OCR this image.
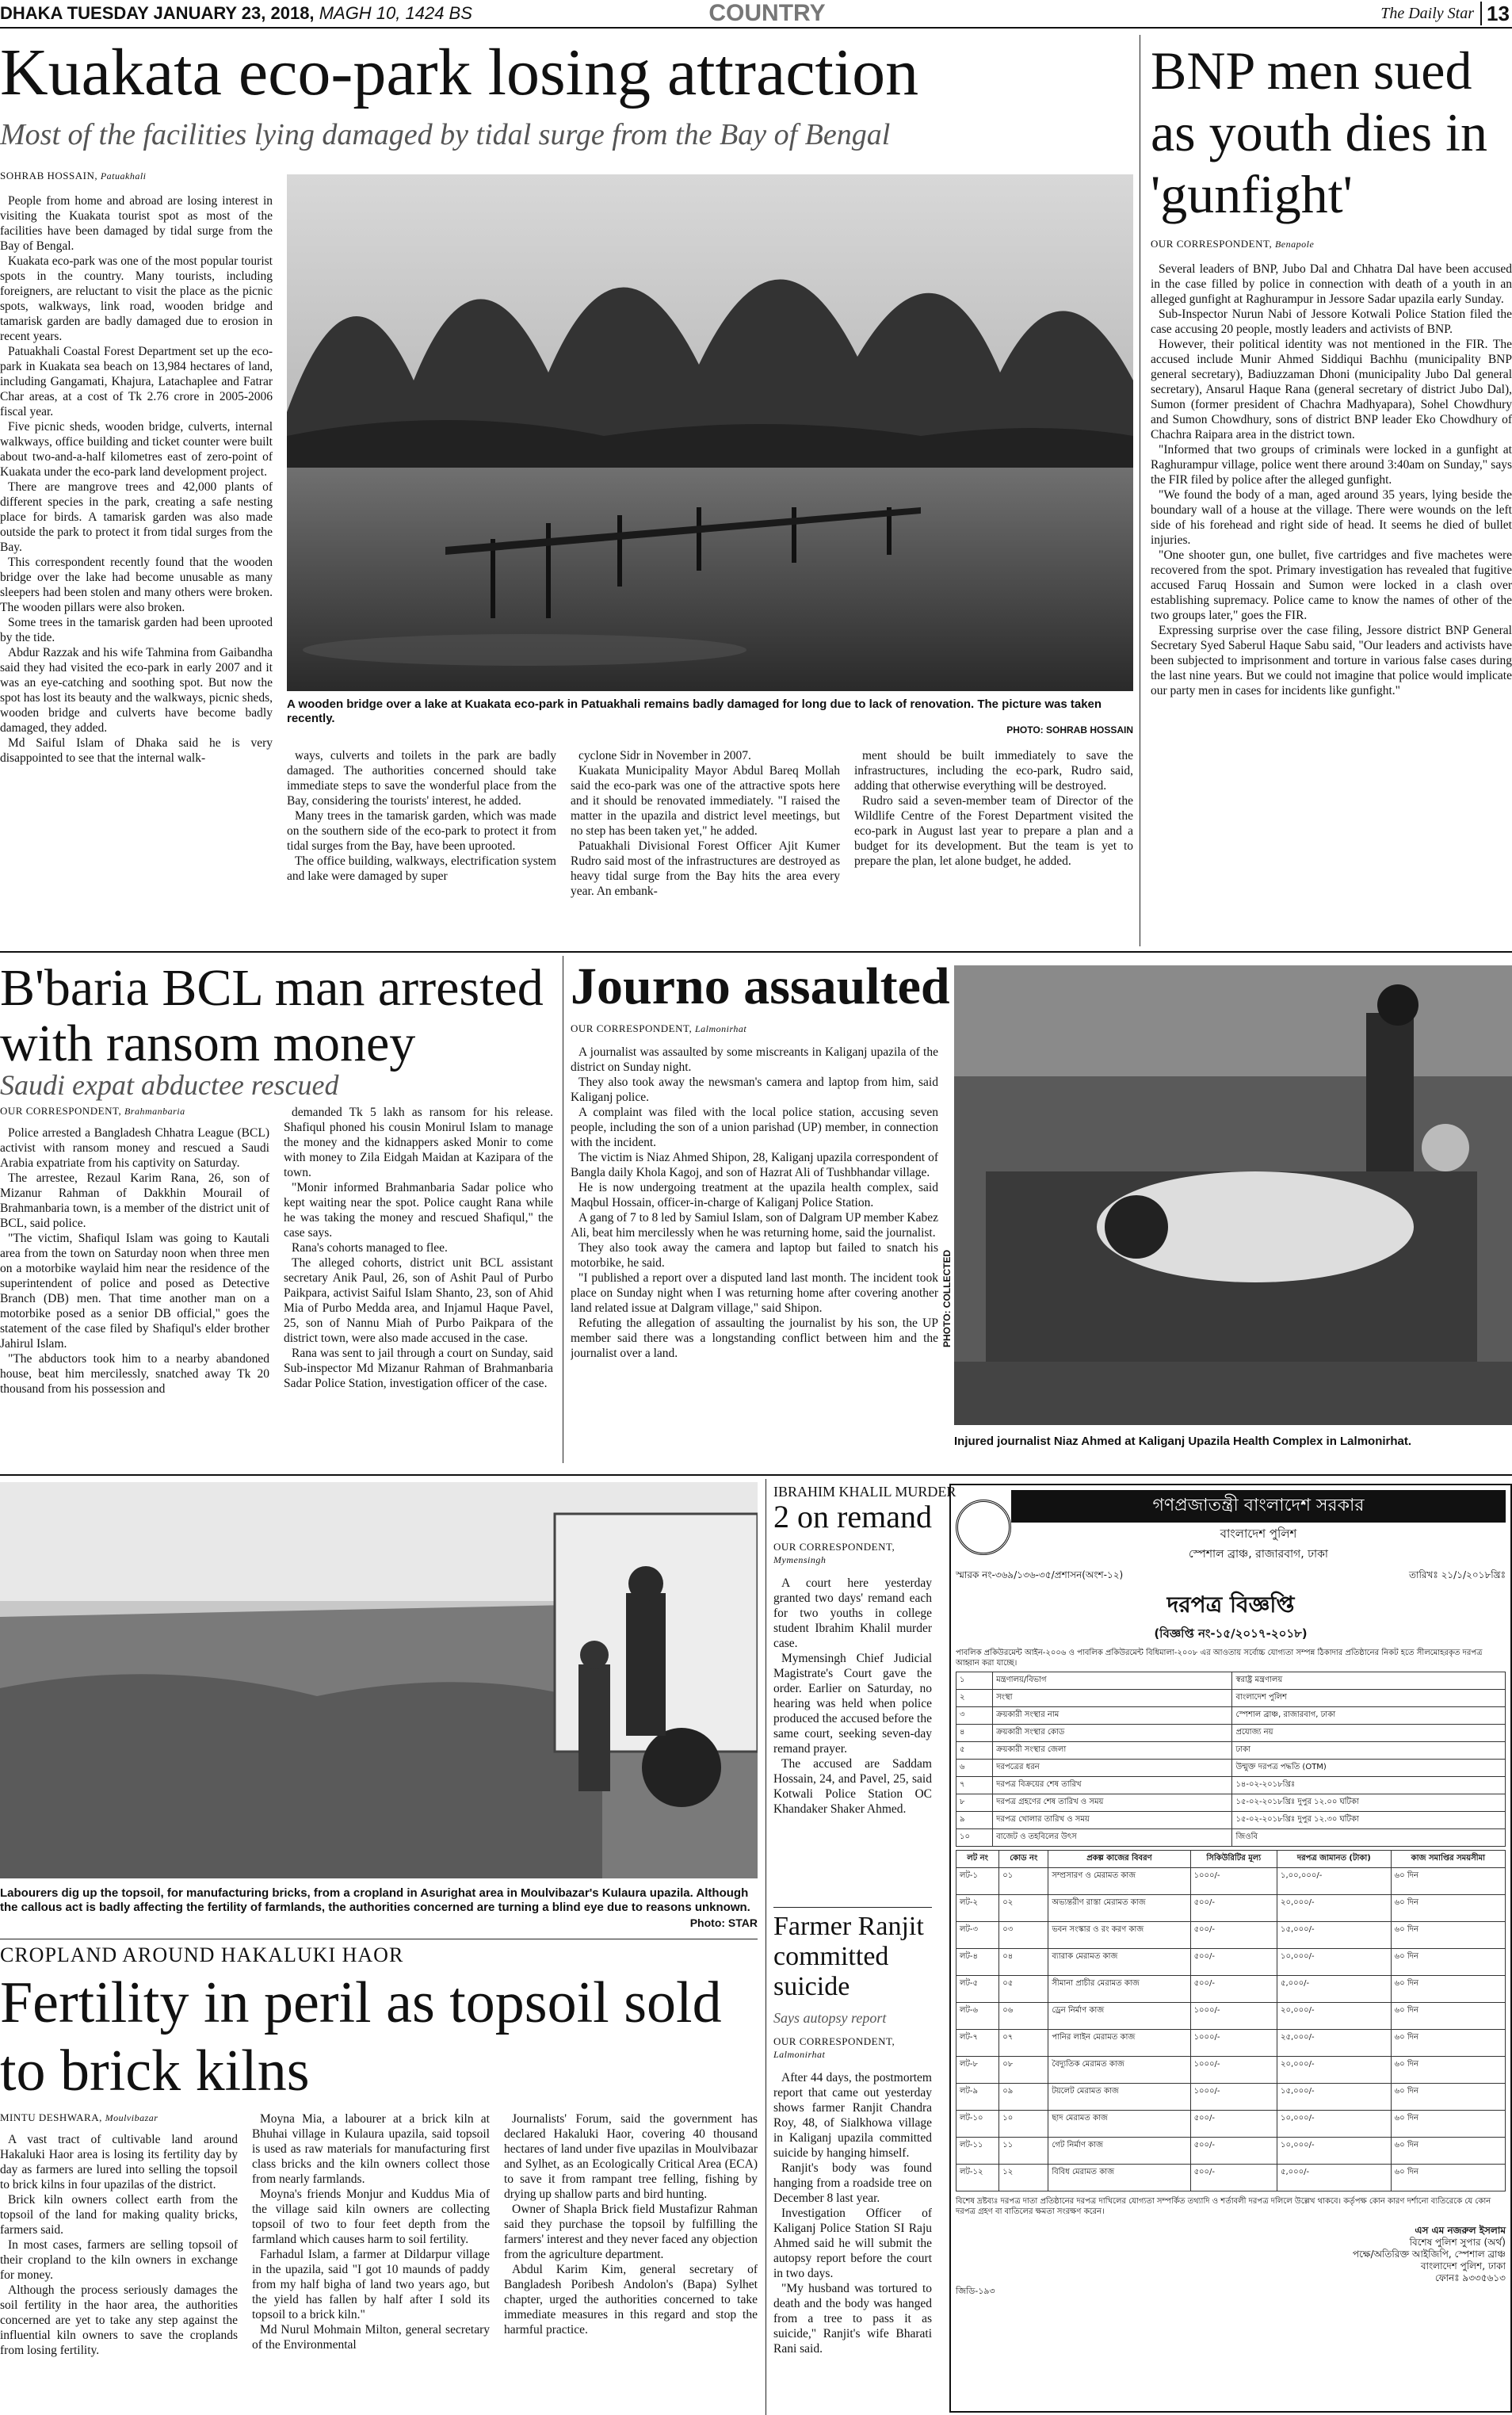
DHAKA TUESDAY JANUARY 23, 2018, MAGH 10, 1424 BS	COUNTRY	The Daily Star 13
Kuakata eco-park losing attraction
Most of the facilities lying damaged by tidal surge from the Bay of Bengal
SOHRAB HOSSAIN, Patuakhali

People from home and abroad are losing interest in visiting the Kuakata tourist spot as most of the facilities have been damaged by tidal surge from the Bay of Bengal.

Kuakata eco-park was one of the most popular tourist spots in the country. Many tourists, including foreigners, are reluctant to visit the place as the picnic spots, walkways, link road, wooden bridge and tamarisk garden are badly damaged due to erosion in recent years.

Patuakhali Coastal Forest Department set up the eco-park in Kuakata sea beach on 13,984 hectares of land, including Gangamati, Khajura, Latachaplee and Fatrar Char areas, at a cost of Tk 2.76 crore in 2005-2006 fiscal year.

Five picnic sheds, wooden bridge, culverts, internal walkways, office building and ticket counter were built about two-and-a-half kilometres east of zero-point of Kuakata under the eco-park land development project.

There are mangrove trees and 42,000 plants of different species in the park, creating a safe nesting place for birds. A tamarisk garden was also made outside the park to protect it from tidal surges from the Bay.

This correspondent recently found that the wooden bridge over the lake had become unusable as many sleepers had been stolen and many others were broken. The wooden pillars were also broken.

Some trees in the tamarisk garden had been uprooted by the tide.

Abdur Razzak and his wife Tahmina from Gaibandha said they had visited the eco-park in early 2007 and it was an eye-catching and soothing spot. But now the spot has lost its beauty and the walkways, picnic sheds, wooden bridge and culverts have become badly damaged, they added.

Md Saiful Islam of Dhaka said he is very disappointed to see that the internal walk-

A wooden bridge over a lake at Kuakata eco-park in Patuakhali remains badly damaged for long due to lack of renovation. The picture was taken recently.
PHOTO: SOHRAB HOSSAIN

ways, culverts and toilets in the park are badly damaged. The authorities concerned should take immediate steps to save the wonderful place from the Bay, considering the tourists' interest, he added.

Many trees in the tamarisk garden, which was made on the southern side of the eco-park to protect it from tidal surges from the Bay, have been uprooted.

The office building, walkways, electrification system and lake were damaged by super

cyclone Sidr in November in 2007.

Kuakata Municipality Mayor Abdul Bareq Mollah said the eco-park was one of the attractive spots here and it should be renovated immediately. "I raised the matter in the upazila and district level meetings, but no step has been taken yet," he added.

Patuakhali Divisional Forest Officer Ajit Kumer Rudro said most of the infrastructures are destroyed as heavy tidal surge from the Bay hits the area every year. An embank-

ment should be built immediately to save the infrastructures, including the eco-park, Rudro said, adding that otherwise everything will be destroyed.

Rudro said a seven-member team of Director of the Wildlife Centre of the Forest Department visited the eco-park in August last year to prepare a plan and a budget for its development. But the team is yet to prepare the plan, let alone budget, he added.

BNP men sued as youth dies in 'gunfight'
OUR CORRESPONDENT, Benapole

Several leaders of BNP, Jubo Dal and Chhatra Dal have been accused in the case filled by police in connection with death of a youth in an alleged gunfight at Raghurampur in Jessore Sadar upazila early Sunday.

Sub-Inspector Nurun Nabi of Jessore Kotwali Police Station filed the case accusing 20 people, mostly leaders and activists of BNP.

However, their political identity was not mentioned in the FIR. The accused include Munir Ahmed Siddiqui Bachhu (municipality BNP general secretary), Badiuzzaman Dhoni (municipality Jubo Dal general secretary), Ansarul Haque Rana (general secretary of district Jubo Dal), Sumon (former president of Chachra Madhyapara), Sohel Chowdhury and Sumon Chowdhury, sons of district BNP leader Eko Chowdhury of Chachra Raipara area in the district town.

"Informed that two groups of criminals were locked in a gunfight at Raghurampur village, police went there around 3:40am on Sunday," says the FIR filed by police after the alleged gunfight.

"We found the body of a man, aged around 35 years, lying beside the boundary wall of a house at the village. There were wounds on the left side of his forehead and right side of head. It seems he died of bullet injuries.

"One shooter gun, one bullet, five cartridges and five machetes were recovered from the spot. Primary investigation has revealed that fugitive accused Faruq Hossain and Sumon were locked in a clash over establishing supremacy. Police came to know the names of other of the two groups later," goes the FIR.

Expressing surprise over the case filing, Jessore district BNP General Secretary Syed Saberul Haque Sabu said, "Our leaders and activists have been subjected to imprisonment and torture in various false cases during the last nine years. But we could not imagine that police would implicate our party men in cases for incidents like gunfight."

B'baria BCL man arrested with ransom money
Saudi expat abductee rescued
OUR CORRESPONDENT, Brahmanbaria

Police arrested a Bangladesh Chhatra League (BCL) activist with ransom money and rescued a Saudi Arabia expatriate from his captivity on Saturday.

The arrestee, Rezaul Karim Rana, 26, son of Mizanur Rahman of Dakkhin Mourail of Brahmanbaria town, is a member of the district unit of BCL, said police.

"The victim, Shafiqul Islam was going to Kautali area from the town on Saturday noon when three men on a motorbike waylaid him near the residence of the superintendent of police and posed as Detective Branch (DB) men. That time another man on a motorbike posed as a senior DB official," goes the statement of the case filed by Shafiqul's elder brother Jahirul Islam.

"The abductors took him to a nearby abandoned house, beat him mercilessly, snatched away Tk 20 thousand from his possession and

demanded Tk 5 lakh as ransom for his release. Shafiqul phoned his cousin Monirul Islam to manage the money and the kidnappers asked Monir to come with money to Zila Eidgah Maidan at Kazipara of the town.

"Monir informed Brahmanbaria Sadar police who kept waiting near the spot. Police caught Rana while he was taking the money and rescued Shafiqul," the case says.

Rana's cohorts managed to flee.

The alleged cohorts, district unit BCL assistant secretary Anik Paul, 26, son of Ashit Paul of Purbo Paikpara, activist Saiful Islam Shanto, 23, son of Ahid Mia of Purbo Medda area, and Injamul Haque Pavel, 25, son of Nannu Miah of Purbo Paikpara of the district town, were also made accused in the case.

Rana was sent to jail through a court on Sunday, said Sub-inspector Md Mizanur Rahman of Brahmanbaria Sadar Police Station, investigation officer of the case.

Journo assaulted
OUR CORRESPONDENT, Lalmonirhat

A journalist was assaulted by some miscreants in Kaliganj upazila of the district on Sunday night.

They also took away the newsman's camera and laptop from him, said Kaliganj police.

A complaint was filed with the local police station, accusing seven people, including the son of a union parishad (UP) member, in connection with the incident.

The victim is Niaz Ahmed Shipon, 28, Kaliganj upazila correspondent of Bangla daily Khola Kagoj, and son of Hazrat Ali of Tushbhandar village.

He is now undergoing treatment at the upazila health complex, said Maqbul Hossain, officer-in-charge of Kaliganj Police Station.

A gang of 7 to 8 led by Samiul Islam, son of Dalgram UP member Kabez Ali, beat him mercilessly when he was returning home, said the journalist.

They also took away the camera and laptop but failed to snatch his motorbike, he said.

"I published a report over a disputed land last month. The incident took place on Sunday night when I was returning home after covering another land related issue at Dalgram village," said Shipon.

Refuting the allegation of assaulting the journalist by his son, the UP member said there was a longstanding conflict between him and the journalist over a land.

PHOTO: COLLECTED
Injured journalist Niaz Ahmed at Kaliganj Upazila Health Complex in Lalmonirhat.
Labourers dig up the topsoil, for manufacturing bricks, from a cropland in Asurighat area in Moulvibazar's Kulaura upazila. Although the callous act is badly affecting the fertility of farmlands, the authorities concerned are turning a blind eye due to reasons unknown.
Photo: STAR
CROPLAND AROUND HAKALUKI HAOR
Fertility in peril as topsoil sold to brick kilns
MINTU DESHWARA, Moulvibazar

A vast tract of cultivable land around Hakaluki Haor area is losing its fertility day by day as farmers are lured into selling the topsoil to brick kilns in four upazilas of the district.

Brick kiln owners collect earth from the topsoil of the land for making quality bricks, farmers said.

In most cases, farmers are selling topsoil of their cropland to the kiln owners in exchange for money.

Although the process seriously damages the soil fertility in the haor area, the authorities concerned are yet to take any step against the influential kiln owners to save the croplands from losing fertility.

Moyna Mia, a labourer at a brick kiln at Bhuhai village in Kulaura upazila, said topsoil is used as raw materials for manufacturing first class bricks and the kiln owners collect those from nearly farmlands.

Moyna's friends Monjur and Kuddus Mia of the village said kiln owners are collecting topsoil of two to four feet depth from the farmland which causes harm to soil fertility.

Farhadul Islam, a farmer at Dildarpur village in the upazila, said "I got 10 maunds of paddy from my half bigha of land two years ago, but the yield has fallen by half after I sold its topsoil to a brick kiln."

Md Nurul Mohmain Milton, general secretary of the Environmental

Journalists' Forum, said the government has declared Hakaluki Haor, covering 40 thousand hectares of land under five upazilas in Moulvibazar and Sylhet, as an Ecologically Critical Area (ECA) to save it from rampant tree felling, fishing by drying up shallow parts and bird hunting.

Owner of Shapla Brick field Mustafizur Rahman said they purchase the topsoil by fulfilling the farmers' interest and they never faced any objection from the agriculture department.

Abdul Karim Kim, general secretary of Bangladesh Poribesh Andolon's (Bapa) Sylhet chapter, urged the authorities concerned to take immediate measures in this regard and stop the harmful practice.

IBRAHIM KHALIL MURDER
2 on remand
OUR CORRESPONDENT,
Mymensingh

A court here yesterday granted two days' remand each for two youths in college student Ibrahim Khalil murder case.

Mymensingh Chief Judicial Magistrate's Court gave the order. Earlier on Saturday, no hearing was held when police produced the accused before the same court, seeking seven-day remand prayer.

The accused are Saddam Hossain, 24, and Pavel, 25, said Kotwali Police Station OC Khandaker Shaker Ahmed.

Farmer Ranjit committed suicide
Says autopsy report
OUR CORRESPONDENT,
Lalmonirhat

After 44 days, the postmortem report that came out yesterday shows farmer Ranjit Chandra Roy, 48, of Sialkhowa village in Kaliganj upazila committed suicide by hanging himself.

Ranjit's body was found hanging from a roadside tree on December 8 last year.

Investigation Officer of Kaliganj Police Station SI Raju Ahmed said he will submit the autopsy report before the court in two days.

"My husband was tortured to death and the body was hanged from a tree to pass it as suicide," Ranjit's wife Bharati Rani said.

গণপ্রজাতন্ত্রী বাংলাদেশ সরকার
বাংলাদেশ পুলিশ
স্পেশাল ব্রাঞ্চ, রাজারবাগ, ঢাকা
স্মারক নং-৩৬৯/১৩৬-৩৫/প্রশাসন(অংশ-১২)	তারিখঃ ২১/১/২০১৮খ্রিঃ
দরপত্র বিজ্ঞপ্তি
(বিজ্ঞপ্তি নং-১৫/২০১৭-২০১৮)
পাবলিক প্রকিউরমেন্ট আইন-২০০৬ ও পাবলিক প্রকিউরমেন্ট বিধিমালা-২০০৮ এর আওতায় সর্বোচ্চ যোগ্যতা সম্পন্ন ঠিকাদার প্রতিষ্ঠানের নিকট হতে সীলমোহরকৃত দরপত্র আহ্বান করা যাচ্ছে।
১	মন্ত্রণালয়/বিভাগ	স্বরাষ্ট্র মন্ত্রণালয়
২	সংস্থা	বাংলাদেশ পুলিশ
৩	ক্রয়কারী সংস্থার নাম	স্পেশাল ব্রাঞ্চ, রাজারবাগ, ঢাকা
৪	ক্রয়কারী সংস্থার কোড	প্রযোজ্য নয়
৫	ক্রয়কারী সংস্থার জেলা	ঢাকা
৬	দরপত্রের ধরন	উন্মুক্ত দরপত্র পদ্ধতি (OTM)
৭	দরপত্র বিক্রয়ের শেষ তারিখ	১৪-০২-২০১৮খ্রিঃ
৮	দরপত্র গ্রহণের শেষ তারিখ ও সময়	১৫-০২-২০১৮খ্রিঃ দুপুর ১২.০০ ঘটিকা
৯	দরপত্র খোলার তারিখ ও সময়	১৫-০২-২০১৮খ্রিঃ দুপুর ১২.৩০ ঘটিকা
১০	বাজেট ও তহবিলের উৎস	জিওবি
লট নং	কোড নং	প্রকল্প কাজের বিবরণ	সিকিউরিটির মূল্য	দরপত্র জামানত (টাকা)	কাজ সমাপ্তির সময়সীমা
লট-১	০১	সম্প্রসারণ ও মেরামত কাজ	১০০০/-	১,০০,০০০/-	৬০ দিন
লট-২	০২	অভ্যন্তরীণ রাস্তা মেরামত কাজ	৫০০/-	২০,০০০/-	৬০ দিন
লট-৩	০৩	ভবন সংস্কার ও রং করণ কাজ	৫০০/-	১৫,০০০/-	৬০ দিন
লট-৪	০৪	ব্যারাক মেরামত কাজ	৫০০/-	১০,০০০/-	৬০ দিন
লট-৫	০৫	সীমানা প্রাচীর মেরামত কাজ	৫০০/-	৫,০০০/-	৬০ দিন
লট-৬	০৬	ড্রেন নির্মাণ কাজ	১০০০/-	২০,০০০/-	৬০ দিন
লট-৭	০৭	পানির লাইন মেরামত কাজ	১০০০/-	২৫,০০০/-	৬০ দিন
লট-৮	০৮	বৈদ্যুতিক মেরামত কাজ	১০০০/-	২০,০০০/-	৬০ দিন
লট-৯	০৯	টয়লেট মেরামত কাজ	১০০০/-	১৫,০০০/-	৬০ দিন
লট-১০	১০	ছাদ মেরামত কাজ	৫০০/-	১০,০০০/-	৬০ দিন
লট-১১	১১	গেট নির্মাণ কাজ	৫০০/-	১০,০০০/-	৬০ দিন
লট-১২	১২	বিবিধ মেরামত কাজ	৫০০/-	৫,০০০/-	৬০ দিন
বিশেষ দ্রষ্টব্যঃ দরপত্র দাতা প্রতিষ্ঠানের দরপত্র দাখিলের যোগ্যতা সম্পর্কিত তথ্যাদি ও শর্তাবলী দরপত্র দলিলে উল্লেখ থাকবে। কর্তৃপক্ষ কোন কারণ দর্শানো ব্যতিরেকে যে কোন দরপত্র গ্রহণ বা বাতিলের ক্ষমতা সংরক্ষণ করেন।
এস এম নজরুল ইসলাম
বিশেষ পুলিশ সুপার (অর্থ)
পক্ষে/অতিরিক্ত আইজিপি, স্পেশাল ব্রাঞ্চ
বাংলাদেশ পুলিশ, ঢাকা
ফোনঃ ৯৩৩৫৬১৩
জিডি-১৯৩
